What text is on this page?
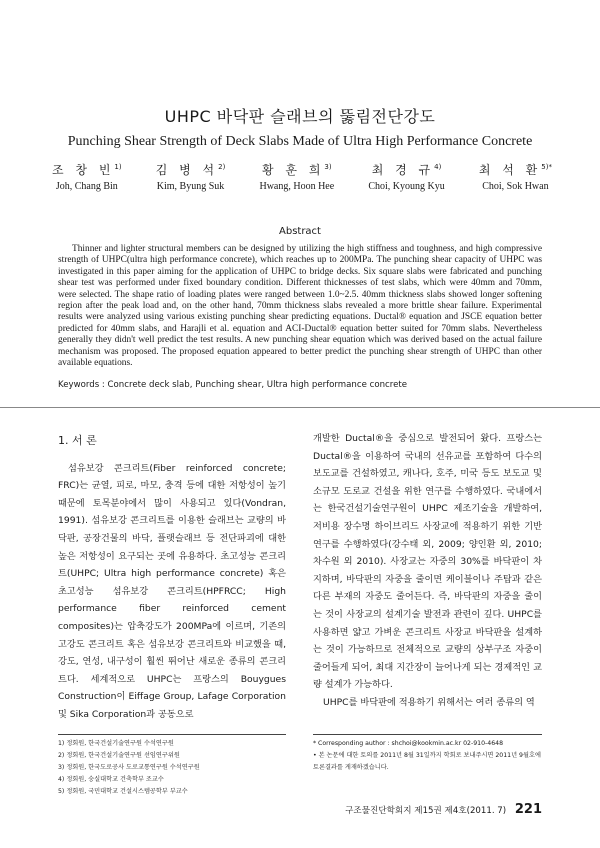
UHPC 바닥판 슬래브의 뚫림전단강도
Punching Shear Strength of Deck Slabs Made of Ultra High Performance Concrete
조 창 빈$^{1)}$
Joh, Chang Bin
김 병 석$^{2)}$
Kim, Byung Suk
황 훈 희$^{3)}$
Hwang, Hoon Hee
최 경 규$^{4)}$
Choi, Kyoung Kyu
최 석 환$^{5)*}$
Choi, Sok Hwan
Abstract
Thinner and lighter structural members can be designed by utilizing the high stiffness and toughness, and high compressive strength of UHPC(ultra high performance concrete), which reaches up to 200MPa. The punching shear capacity of UHPC was investigated in this paper aiming for the application of UHPC to bridge decks. Six square slabs were fabricated and punching shear test was performed under fixed boundary condition. Different thicknesses of test slabs, which were 40mm and 70mm, were selected. The shape ratio of loading plates were ranged between 1.0~2.5. 40mm thickness slabs showed longer softening region after the peak load and, on the other hand, 70mm thickness slabs revealed a more brittle shear failure. Experimental results were analyzed using various existing punching shear predicting equations. Ductal® equation and JSCE equation better predicted for 40mm slabs, and Harajli et al. equation and ACI-Ductal® equation better suited for 70mm slabs. Nevertheless generally they didn't well predict the test results. A new punching shear equation which was derived based on the actual failure mechanism was proposed. The proposed equation appeared to better predict the punching shear strength of UHPC than other available equations.
Keywords : Concrete deck slab, Punching shear, Ultra high performance concrete
1. 서 론

섬유보강 콘크리트(Fiber reinforced concrete; FRC)는 균열, 피로, 마모, 충격 등에 대한 저항성이 높기 때문에 토목분야에서 많이 사용되고 있다(Vondran, 1991). 섬유보강 콘크리트를 이용한 슬래브는 교량의 바닥판, 공장건물의 바닥, 플랫슬래브 등 전단파괴에 대한 높은 저항성이 요구되는 곳에 유용하다. 초고성능 콘크리트(UHPC; Ultra high performance concrete) 혹은 초고성능 섬유보강 콘크리트(HPFRCC; High performance fiber reinforced cement composites)는 압축강도가 200MPa에 이르며, 기존의 고강도 콘크리트 혹은 섬유보강 콘크리트와 비교했을 때, 강도, 연성, 내구성이 훨씬 뛰어난 새로운 종류의 콘크리트다. 세계적으로 UHPC는 프랑스의 Bouygues Construction이 Eiffage Group, Lafage Corporation 및 Sika Corporation과 공동으로

개발한 Ductal®을 중심으로 발전되어 왔다. 프랑스는 Ductal®을 이용하여 국내의 선유교를 포함하여 다수의 보도교를 건설하였고, 캐나다, 호주, 미국 등도 보도교 및 소규모 도로교 건설을 위한 연구를 수행하였다. 국내에서는 한국건설기술연구원이 UHPC 제조기술을 개발하여, 저비용 장수명 하이브리드 사장교에 적용하기 위한 기반 연구를 수행하였다(강수태 외, 2009; 양인환 외, 2010; 차수원 외 2010). 사장교는 자중의 30%를 바닥판이 차지하며, 바닥판의 자중을 줄이면 케이블이나 주탑과 같은 다른 부재의 자중도 줄어든다. 즉, 바닥판의 자중을 줄이는 것이 사장교의 설계기술 발전과 관련이 깊다. UHPC를 사용하면 얇고 가벼운 콘크리트 사장교 바닥판을 설계하는 것이 가능하므로 전체적으로 교량의 상부구조 자중이 줄어들게 되어, 최대 지간장이 늘어나게 되는 경제적인 교량 설계가 가능하다.

UHPC를 바닥판에 적용하기 위해서는 여러 종류의 역

1) 정회원, 한국건설기술연구원 수석연구원
2) 정회원, 한국건설기술연구원 선임연구위원
3) 정회원, 한국도로공사 도로교통연구원 수석연구원
4) 정회원, 숭실대학교 건축학부 조교수
5) 정회원, 국민대학교 건설시스템공학부 부교수
* Corresponding author : shchoi@kookmin.ac.kr 02-910-4648
• 본 논문에 대한 토의를 2011년 8월 31일까지 학회로 보내주시면 2011년 9월호에 토론결과를 게재하겠습니다.
구조물진단학회지 제15권 제4호(2011. 7) 221
